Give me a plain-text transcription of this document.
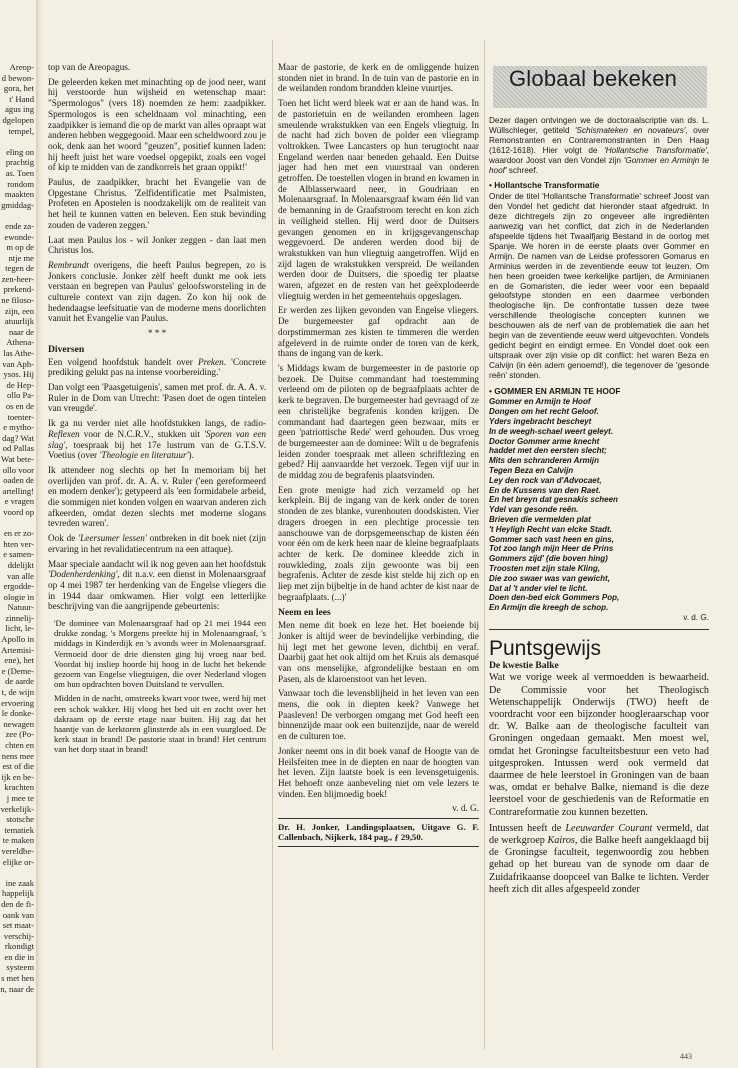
Areop-
d bewon-
gora, het
t' Hand
agus ing
dgelopen
tempel,

eling on
prachtig
as. Toen
rondom
maakten
gmiddag-

ende za-
ewonde-
m op de
ntje me
tegen de
zen-heer-
prekend-
ne filoso-
zijn, een
atuurlijk
naar de
Athena-
las Athe-
van Aph-
ysos. Hij
de Hep-
ollo Pa-
os en de
toenter-
e mytho-
dag? Wat
od Pallas
Wat bete-
ollo voor
oaden de
artelling!
e vragen
voord op

en er zo-
hten ver-
e samen-
ddelijkt
van alle
ergodde-
ologie in
Natuur-
zinnelij-
licht, le-
Apollo in
Artemisi-
ene), het
e (Deme-
de aarde
t, de wijn
ervoering
le donke-
newagen
zee (Po-
chten en
nens mee
est of die
ijk en be-
krachten
j mee te
verkelijk-
stotsche
tematiek
te maken
vereldbe-
elijke or-

ine zaak
happelijk
den de fi-
oank van
set maat-
verschij-
rkondigt
en die in
systeem
s met hen
n, naar de

top van de Areopagus.

De geleerden keken met minachting op de jood neer, want hij verstoorde hun wijsheid en wetenschap maar: "Spermologos" (vers 18) noemden ze hem: zaadpikker. Spermologos is een scheldnaam vol minachting, een zaadpikker is iemand die op de markt van alles opraapt wat anderen hebben weggegooid. Maar een scheldwoord zou je ook, denk aan het woord "geuzen", positief kunnen laden: hij heeft juist het ware voedsel opgepikt, zoals een vogel of kip te midden van de zandkorrels het graan oppikt!'

Paulus, de zaadpikker, bracht het Evangelie van de Opgestane Christus. 'Zelfidentificatie met Psalmisten, Profeten en Apostelen is noodzakelijk om de realiteit van het heil te kunnen vatten en beleven. Een stuk bevinding zouden de vaderen zeggen.'

Laat men Paulus los - wil Jonker zeggen - dan laat men Christus los.

Rembrandt overigens, die heeft Paulus begrepen, zo is Jonkers conclusie. Jonker zèlf heeft dunkt me ook iets verstaan en begrepen van Paulus' geloofsworsteling in de culturele context van zijn dagen. Zo kon hij ook de hedendaagse leefsituatie van de moderne mens doorlichten vanuit het Evangelie van Paulus.

* * *

Diversen

Een volgend hoofdstuk handelt over Preken. 'Concrete prediking gelukt pas na intense voorbereiding.'

Dan volgt een 'Paasgetuigenis', samen met prof. dr. A. A. v. Ruler in de Dom van Utrecht: 'Pasen doet de ogen tintelen van vreugde'.

Ik ga nu verder niet alle hoofdstukken langs, de radio-Reflexen voor de N.C.R.V., stukken uit 'Sporen van een slag', toespraak bij het 17e lustrum van de G.T.S.V. Voetius (over 'Theologie en literatuur').

Ik attendeer nog slechts op het In memoriam bij het overlijden van prof. dr. A. A. v. Ruler ('een gereformeerd en modern denker'); getypeerd als 'een formidabele arbeid, die sommigen niet konden volgen en waarvan anderen zich afkeerden, omdat dezen slechts met moderne slogans tevreden waren'.

Ook de 'Leersumer lessen' ontbreken in dit boek niet (zijn ervaring in het revalidatiecentrum na een attaque).

Maar speciale aandacht wil ik nog geven aan het hoofdstuk 'Dodenherdenking', dit n.a.v. een dienst in Molenaarsgraaf op 4 mei 1987 ter herdenking van de Engelse vliegers die in 1944 daar omkwamen. Hier volgt een letterlijke beschrijving van die aangrijpende gebeurtenis:

'De dominee van Molenaarsgraaf had op 21 mei 1944 een drukke zondag. 's Morgens preekte hij in Molenaarsgraaf, 's middags in Kinderdijk en 's avonds weer in Molenaarsgraaf. Vermoeid door de drie diensten ging hij vroeg naar bed. Voordat hij insliep hoorde hij hoog in de lucht het bekende gezoem van Engelse vliegtuigen, die over Nederland vlogen om hun opdrachten boven Duitsland te vervullen.

Midden in de nacht, omstreeks kwart voor twee, werd hij met een schok wakker. Hij vloog het bed uit en zocht over het dakraam op de eerste etage naar buiten. Hij zag dat het haantje van de kerktoren glinsterde als in een vuurgloed. De kerk staat in brand! De pastorie staat in brand! Het centrum van het dorp staat in brand!

Maar de pastorie, de kerk en de omliggende huizen stonden niet in brand. In de tuin van de pastorie en in de weilanden rondom brandden kleine vuurtjes.

Toen het licht werd bleek wat er aan de hand was. In de pastorietuin en de weilanden eromheen lagen smeulende wrakstukken van een Engels vliegtuig. In de nacht had zich boven de polder een vliegramp voltrokken. Twee Lancasters op hun terugtocht naar Engeland werden naar beneden gehaald. Een Duitse jager had hen met een vuurstraal van onderen getroffen. De toestellen vlogen in brand en kwamen in de Alblasserwaard neer, in Goudriaan en Molenaarsgraaf. In Molenaarsgraaf kwam één lid van de bemanning in de Graafstroom terecht en kon zich in veiligheid stellen. Hij werd door de Duitsers gevangen genomen en in krijgsgevangenschap weggevoerd. De anderen werden dood bij de wrakstukken van hun vliegtuig aangetroffen. Wijd en zijd lagen de wrakstukken verspreid. De weilanden werden door de Duitsers, die spoedig ter plaatse waren, afgezet en de resten van het geëxplodeerde vliegtuig werden in het gemeentehuis opgeslagen.

Er werden zes lijken gevonden van Engelse vliegers. De burgemeester gaf opdracht aan de dorpstimmerman zes kisten te timmeren die werden afgeleverd in de ruimte onder de toren van de kerk, thans de ingang van de kerk.

's Middags kwam de burgemeester in de pastorie op bezoek. De Duitse commandant had toestemming verleend om de piloten op de begraafplaats achter de kerk te begraven. De burgemeester had gevraagd of ze een christelijke begrafenis konden krijgen. De commandant had daartegen geen bezwaar, mits er geen 'patriottische Rede' werd gehouden. Dus vroeg de burgemeester aan de dominee: Wilt u de begrafenis leiden zonder toespraak met alleen schriftlezing en gebed? Hij aanvaardde het verzoek. Tegen vijf uur in de middag zou de begrafenis plaatsvinden.

Een grote menigte had zich verzameld op het kerkplein. Bij de ingang van de kerk onder de toren stonden de zes blanke, vurenhouten doodskisten. Vier dragers droegen in een plechtige processie ten aanschouwe van de dorpsgemeenschap de kisten één voor één om de kerk heen naar de kleine begraafplaats achter de kerk. De dominee kleedde zich in rouwkleding, zoals zijn gewoonte was bij een begrafenis. Achter de zesde kist stelde hij zich op en liep met zijn bijbeltje in de hand achter de kist naar de begraafplaats. (...)'

Neem en lees

Men neme dit boek en leze het. Het boeiende bij Jonker is altijd weer de bevindelijke verbinding, die hij legt met het gewone leven, dichtbij en veraf. Daarbij gaat het ook altijd om het Kruis als demasqué van ons menselijke, afgrondelijke bestaan en om Pasen, als de klaroenstoot van het leven.

Vanwaar toch die levensblijheid in het leven van een mens, die ook in diepten keek? Vanwege het Paasleven! De verborgen omgang met God heeft een binnenzijde maar ook een buitenzijde, naar de wereld en de culturen toe.

Jonker neemt ons in dit boek vanaf de Hoogte van de Heilsfeiten mee in de diepten en naar de hoogten van het leven. Zijn laatste boek is een levensgetuigenis. Het behoeft onze aanbeveling niet om vele lezers te vinden. Een blijmoedig boek!

v. d. G.

Dr. H. Jonker, Landingsplaatsen, Uitgave G. F. Callenbach, Nijkerk, 184 pag., ƒ 29,50.
Globaal bekeken

Dezer dagen ontvingen we de doctoraalscriptie van ds. L. Wüllschleger, getiteld 'Schismateken en novateurs', over Remonstranten en Contraremonstranten in Den Haag (1612-1618). Hier volgt de 'Hollantsche Transformatie', waardoor Joost van den Vondel zijn 'Gommer en Arminjn te hoof' schreef.

• Hollantsche Transformatie

Onder de titel 'Hollantsche Transformatie' schreef Joost van den Vondel het gedicht dat hieronder staat afgedrukt. In deze dichtregels zijn zo ongeveer alle ingrediënten aanwezig van het conflict, dat zich in de Nederlanden afspeelde tijdens het Twaalfjarig Bestand in de oorlog met Spanje. We horen in de eerste plaats over Gommer en Armijn. De namen van de Leidse professoren Gomarus en Arminius werden in de zeventiende eeuw tot leuzen. Om hen heen groeiden twee kerkelijke partijen, de Arminianen en de Gomaristen, die ieder weer voor een bepaald geloofstype stonden en een daarmee verbonden theologische lijn. De confrontatie tussen deze twee verschillende theologische concepten kunnen we beschouwen als de nerf van de problematiek die aan het begin van de zeventiende eeuw werd uitgevochten. Vondels gedicht begint en eindigt ermee. En Vondel doet ook een uitspraak over zijn visie op dit conflict: het waren Beza en Calvijn (in één adem genoemd!), die tegenover de 'gesonde reên' stonden.

• GOMMER EN ARMIJN TE HOOF
Gommer en Armijn te Hoof
Dongen om het recht Geloof.
Yders ingebracht bescheyt
In de weegh-schael weert geleyt.
Doctor Gommer arme knecht
haddet met den eersten slecht;
Mits den schranderen Armijn
Tegen Beza en Calvijn
Ley den rock van d'Advocaet,
En de Kussens van den Raet.
En het breyn dat gesnakis scheen
Ydel van gesonde reên.
Brieven die vermelden plat
't Heyligh Recht van elcke Stadt.
Gommer sach vast heen en gins,
Tot zoo langh mijn Heer de Prins
Gommers zijd' (die boven hing)
Troosten met zijn stale Kling,
Die zoo swaer was van gewicht,
Dat al 't ander viel te licht.
Doen den-bed eick Gommers Pop,
En Armijn die kreegh de schop.

v. d. G.

Puntsgewijs
De kwestie Balke

Wat we vorige week al vermoedden is bewaarheid. De Commissie voor het Theologisch Wetenschappelijk Onderwijs (TWO) heeft de voordracht voor een bijzonder hoogleraarschap voor dr. W. Balke aan de theologische faculteit van Groningen ongedaan gemaakt. Men moest wel, omdat het Groningse faculteitsbestuur een veto had uitgesproken. Intussen werd ook vermeld dat daarmee de hele leerstoel in Groningen van de baan was, omdat er behalve Balke, niemand is die deze leerstoel voor de geschiedenis van de Reformatie en Contrareformatie zou kunnen bezetten.

Intussen heeft de Leeuwarder Courant vermeld, dat de werkgroep Kairos, die Balke heeft aangeklaagd bij de Groningse faculteit, tegenwoordig zou hebben gehad op het bureau van de synode om daar de Zuidafrikaanse doopceel van Balke te lichten. Verder heeft zich dit alles afgespeeld zonder

443
